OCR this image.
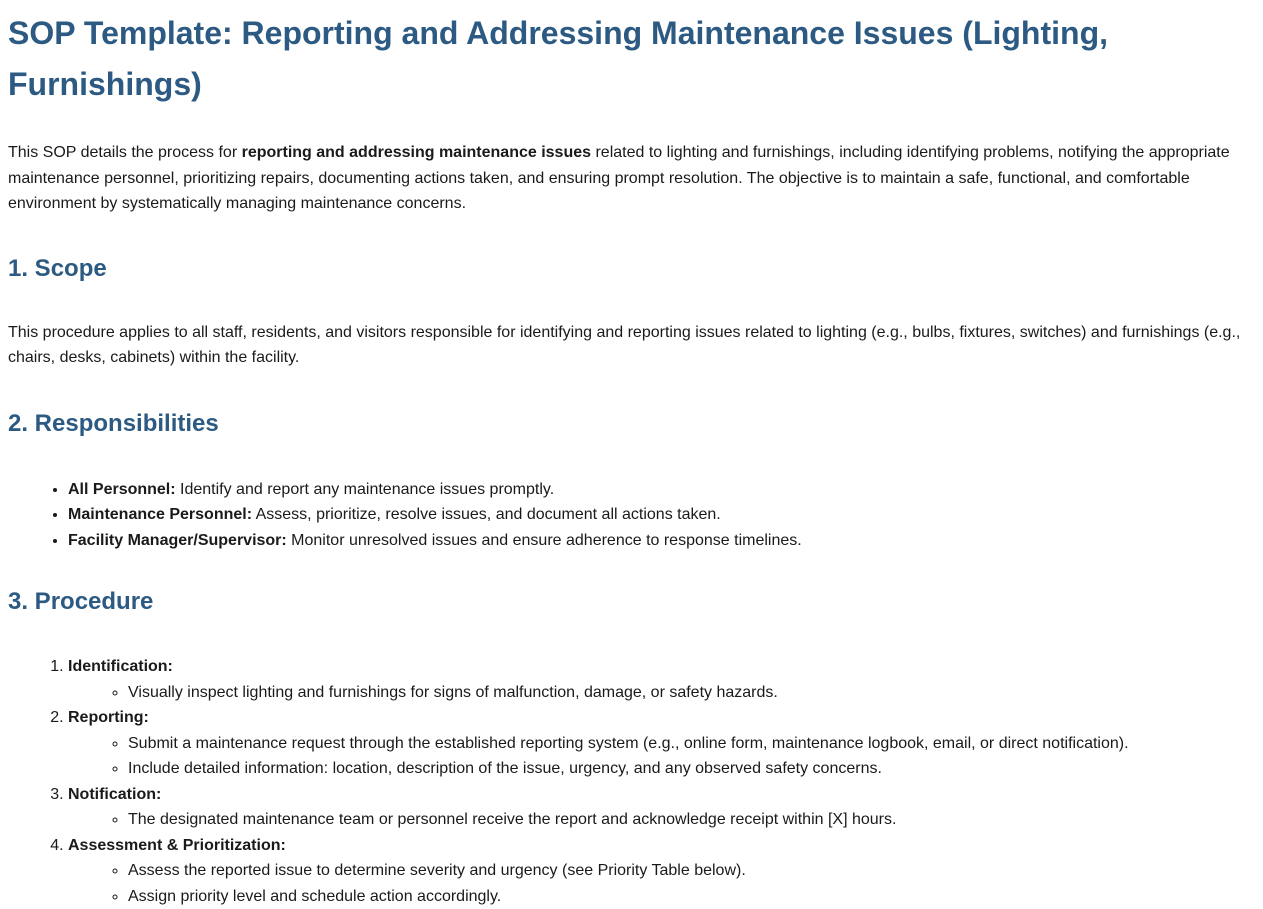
SOP Template: Reporting and Addressing Maintenance Issues (Lighting, Furnishings)

This SOP details the process for reporting and addressing maintenance issues related to lighting and furnishings, including identifying problems, notifying the appropriate maintenance personnel, prioritizing repairs, documenting actions taken, and ensuring prompt resolution. The objective is to maintain a safe, functional, and comfortable environment by systematically managing maintenance concerns.

1. Scope

This procedure applies to all staff, residents, and visitors responsible for identifying and reporting issues related to lighting (e.g., bulbs, fixtures, switches) and furnishings (e.g., chairs, desks, cabinets) within the facility.

2. Responsibilities
• All Personnel: Identify and report any maintenance issues promptly.
• Maintenance Personnel: Assess, prioritize, resolve issues, and document all actions taken.
• Facility Manager/Supervisor: Monitor unresolved issues and ensure adherence to response timelines.
3. Procedure
1. Identification:
◦ Visually inspect lighting and furnishings for signs of malfunction, damage, or safety hazards.
2. Reporting:
◦ Submit a maintenance request through the established reporting system (e.g., online form, maintenance logbook, email, or direct notification).
◦ Include detailed information: location, description of the issue, urgency, and any observed safety concerns.
3. Notification:
◦ The designated maintenance team or personnel receive the report and acknowledge receipt within [X] hours.
4. Assessment & Prioritization:
◦ Assess the reported issue to determine severity and urgency (see Priority Table below).
◦ Assign priority level and schedule action accordingly.
